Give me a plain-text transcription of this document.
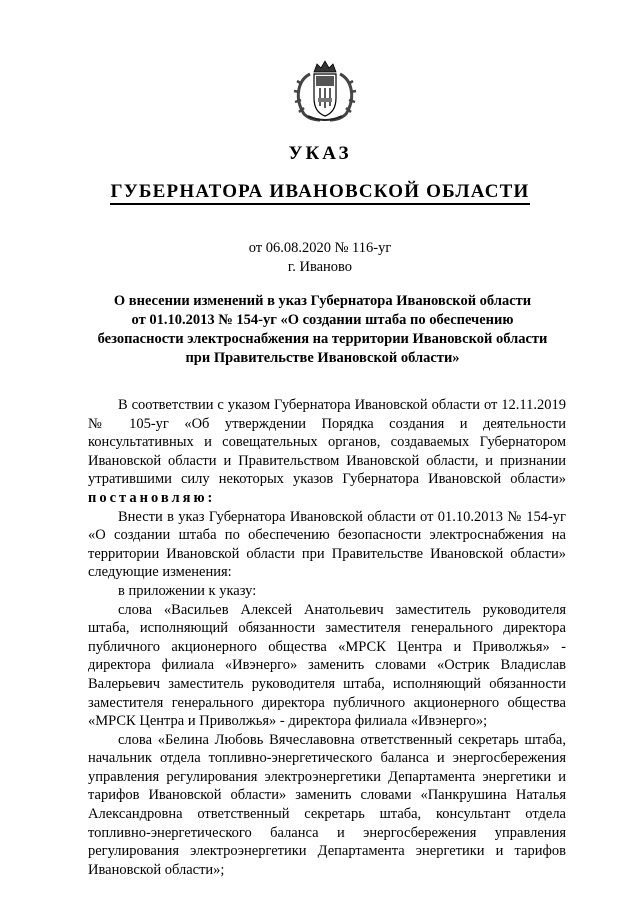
УКАЗ
ГУБЕРНАТОРА ИВАНОВСКОЙ ОБЛАСТИ
от 06.08.2020 № 116-уг
г. Иваново
О внесении изменений в указ Губернатора Ивановской области
от 01.10.2013 № 154-уг «О создании штаба по обеспечению
безопасности электроснабжения на территории Ивановской области
при Правительстве Ивановской области»

В соответствии с указом Губернатора Ивановской области от 12.11.2019 № 105-уг «Об утверждении Порядка создания и деятельности консультативных и совещательных органов, создаваемых Губернатором Ивановской области и Правительством Ивановской области, и признании утратившими силу некоторых указов Губернатора Ивановской области» постановляю:

Внести в указ Губернатора Ивановской области от 01.10.2013 № 154-уг «О создании штаба по обеспечению безопасности электроснабжения на территории Ивановской области при Правительстве Ивановской области» следующие изменения:

в приложении к указу:

слова «Васильев Алексей Анатольевич заместитель руководителя штаба, исполняющий обязанности заместителя генерального директора публичного акционерного общества «МРСК Центра и Приволжья» - директора филиала «Ивэнерго» заменить словами «Острик Владислав Валерьевич заместитель руководителя штаба, исполняющий обязанности заместителя генерального директора публичного акционерного общества «МРСК Центра и Приволжья» - директора филиала «Ивэнерго»;

слова «Белина Любовь Вячеславовна ответственный секретарь штаба, начальник отдела топливно-энергетического баланса и энергосбережения управления регулирования электроэнергетики Департамента энергетики и тарифов Ивановской области» заменить словами «Панкрушина Наталья Александровна ответственный секретарь штаба, консультант отдела топливно-энергетического баланса и энергосбережения управления регулирования электроэнергетики Департамента энергетики и тарифов Ивановской области»;
